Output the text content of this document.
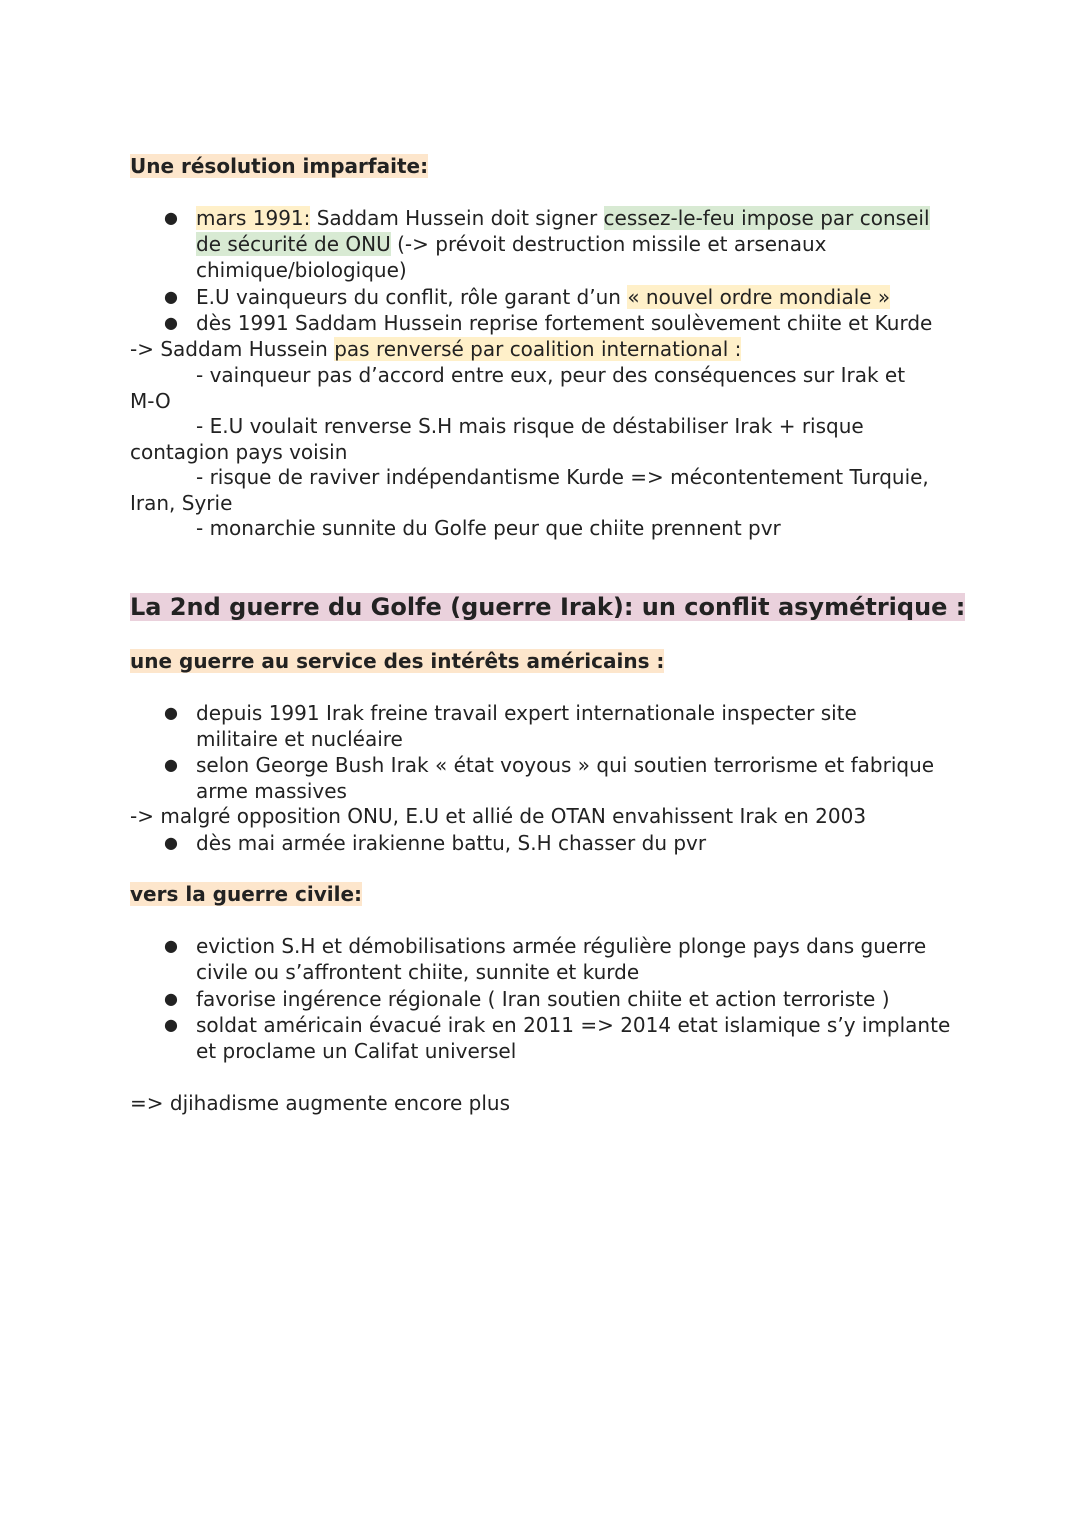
Une résolution imparfaite:
● mars 1991: Saddam Hussein doit signer cessez-le-feu impose par conseil
de sécurité de ONU (-> prévoit destruction missile et arsenaux
chimique/biologique)
● E.U vainqueurs du conflit, rôle garant d’un « nouvel ordre mondiale »
● dès 1991 Saddam Hussein reprise fortement soulèvement chiite et Kurde
-> Saddam Hussein pas renversé par coalition international :
- vainqueur pas d’accord entre eux, peur des conséquences sur Irak et
M-O
- E.U voulait renverse S.H mais risque de déstabiliser Irak + risque
contagion pays voisin
- risque de raviver indépendantisme Kurde => mécontentement Turquie,
Iran, Syrie
- monarchie sunnite du Golfe peur que chiite prennent pvr
La 2nd guerre du Golfe (guerre Irak): un conflit asymétrique :
une guerre au service des intérêts américains :
● depuis 1991 Irak freine travail expert internationale inspecter site
militaire et nucléaire
● selon George Bush Irak « état voyous » qui soutien terrorisme et fabrique
arme massives
-> malgré opposition ONU, E.U et allié de OTAN envahissent Irak en 2003
● dès mai armée irakienne battu, S.H chasser du pvr
vers la guerre civile:
● eviction S.H et démobilisations armée régulière plonge pays dans guerre
civile ou s’affrontent chiite, sunnite et kurde
● favorise ingérence régionale ( Iran soutien chiite et action terroriste )
● soldat américain évacué irak en 2011 => 2014 etat islamique s’y implante
et proclame un Califat universel
=> djihadisme augmente encore plus
